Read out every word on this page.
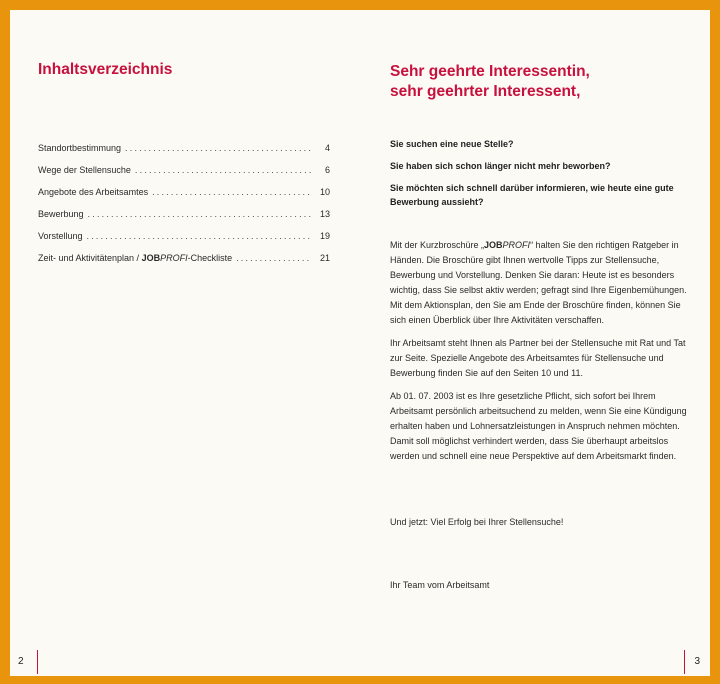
Inhaltsverzeichnis
Standortbestimmung .....	4
Wege der Stellensuche .....	6
Angebote des Arbeitsamtes .....	10
Bewerbung .....	13
Vorstellung .....	19
Zeit- und Aktivitätenplan / JOBPROFI-Checkliste .....	21
2
Sehr geehrte Interessentin,
sehr geehrter Interessent,

Sie suchen eine neue Stelle?

Sie haben sich schon länger nicht mehr beworben?

Sie möchten sich schnell darüber informieren, wie heute eine gute Bewerbung aussieht?

Mit der Kurzbroschüre „JOBPROFI“ halten Sie den richtigen Ratgeber in Händen. Die Broschüre gibt Ihnen wertvolle Tipps zur Stellensuche, Bewerbung und Vorstellung. Denken Sie daran: Heute ist es besonders wichtig, dass Sie selbst aktiv werden; gefragt sind Ihre Eigenbemühungen. Mit dem Aktionsplan, den Sie am Ende der Broschüre finden, können Sie sich einen Überblick über Ihre Aktivitäten verschaffen.

Ihr Arbeitsamt steht Ihnen als Partner bei der Stellensuche mit Rat und Tat zur Seite. Spezielle Angebote des Arbeitsamtes für Stellensuche und Bewerbung finden Sie auf den Seiten 10 und 11.

Ab 01. 07. 2003 ist es Ihre gesetzliche Pflicht, sich sofort bei Ihrem Arbeitsamt persönlich arbeitsuchend zu melden, wenn Sie eine Kündigung erhalten haben und Lohnersatzleistungen in Anspruch nehmen möchten. Damit soll möglichst verhindert werden, dass Sie überhaupt arbeitslos werden und schnell eine neue Perspektive auf dem Arbeitsmarkt finden.

Und jetzt: Viel Erfolg bei Ihrer Stellensuche!

Ihr Team vom Arbeitsamt

3
